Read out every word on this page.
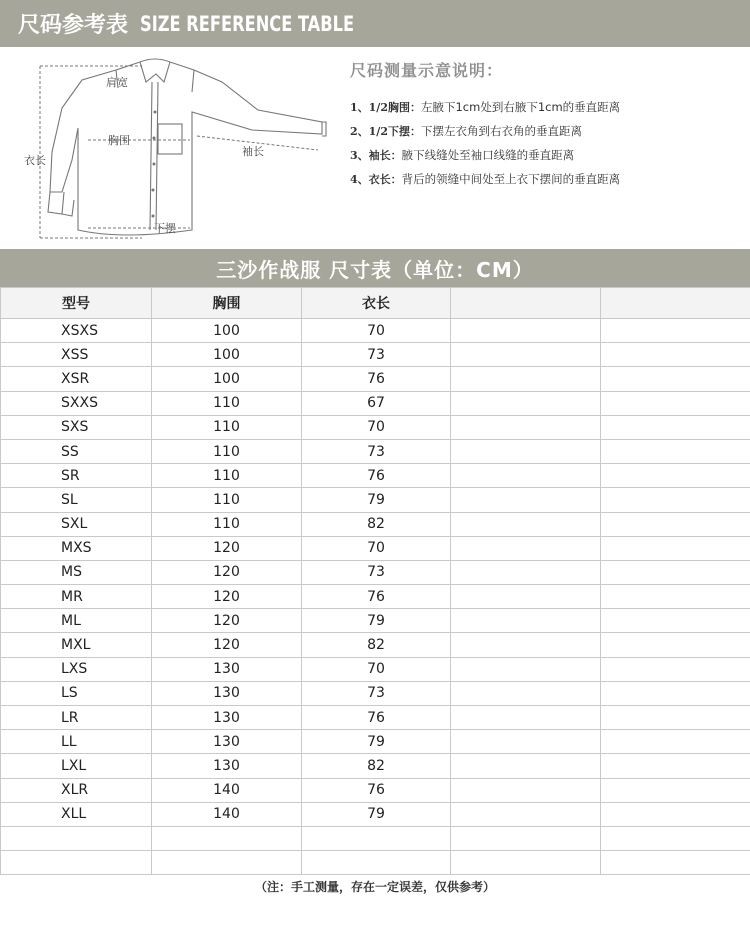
尺码参考表 SIZE REFERENCE TABLE
肩宽
胸围
袖长
衣长
下摆
尺码测量示意说明：
1、1/2胸围：左腋下1cm处到右腋下1cm的垂直距离
2、1/2下摆：下摆左衣角到右衣角的垂直距离
3、袖长：腋下线缝处至袖口线缝的垂直距离
4、衣长：背后的领缝中间处至上衣下摆间的垂直距离
三沙作战服 尺寸表（单位：CM）
型号	胸围	衣长		
XSXS	100	70		
XSS	100	73		
XSR	100	76		
SXXS	110	67		
SXS	110	70		
SS	110	73		
SR	110	76		
SL	110	79		
SXL	110	82		
MXS	120	70		
MS	120	73		
MR	120	76		
ML	120	79		
MXL	120	82		
LXS	130	70		
LS	130	73		
LR	130	76		
LL	130	79		
LXL	130	82		
XLR	140	76		
XLL	140	79		

（注：手工测量，存在一定误差，仅供参考）
